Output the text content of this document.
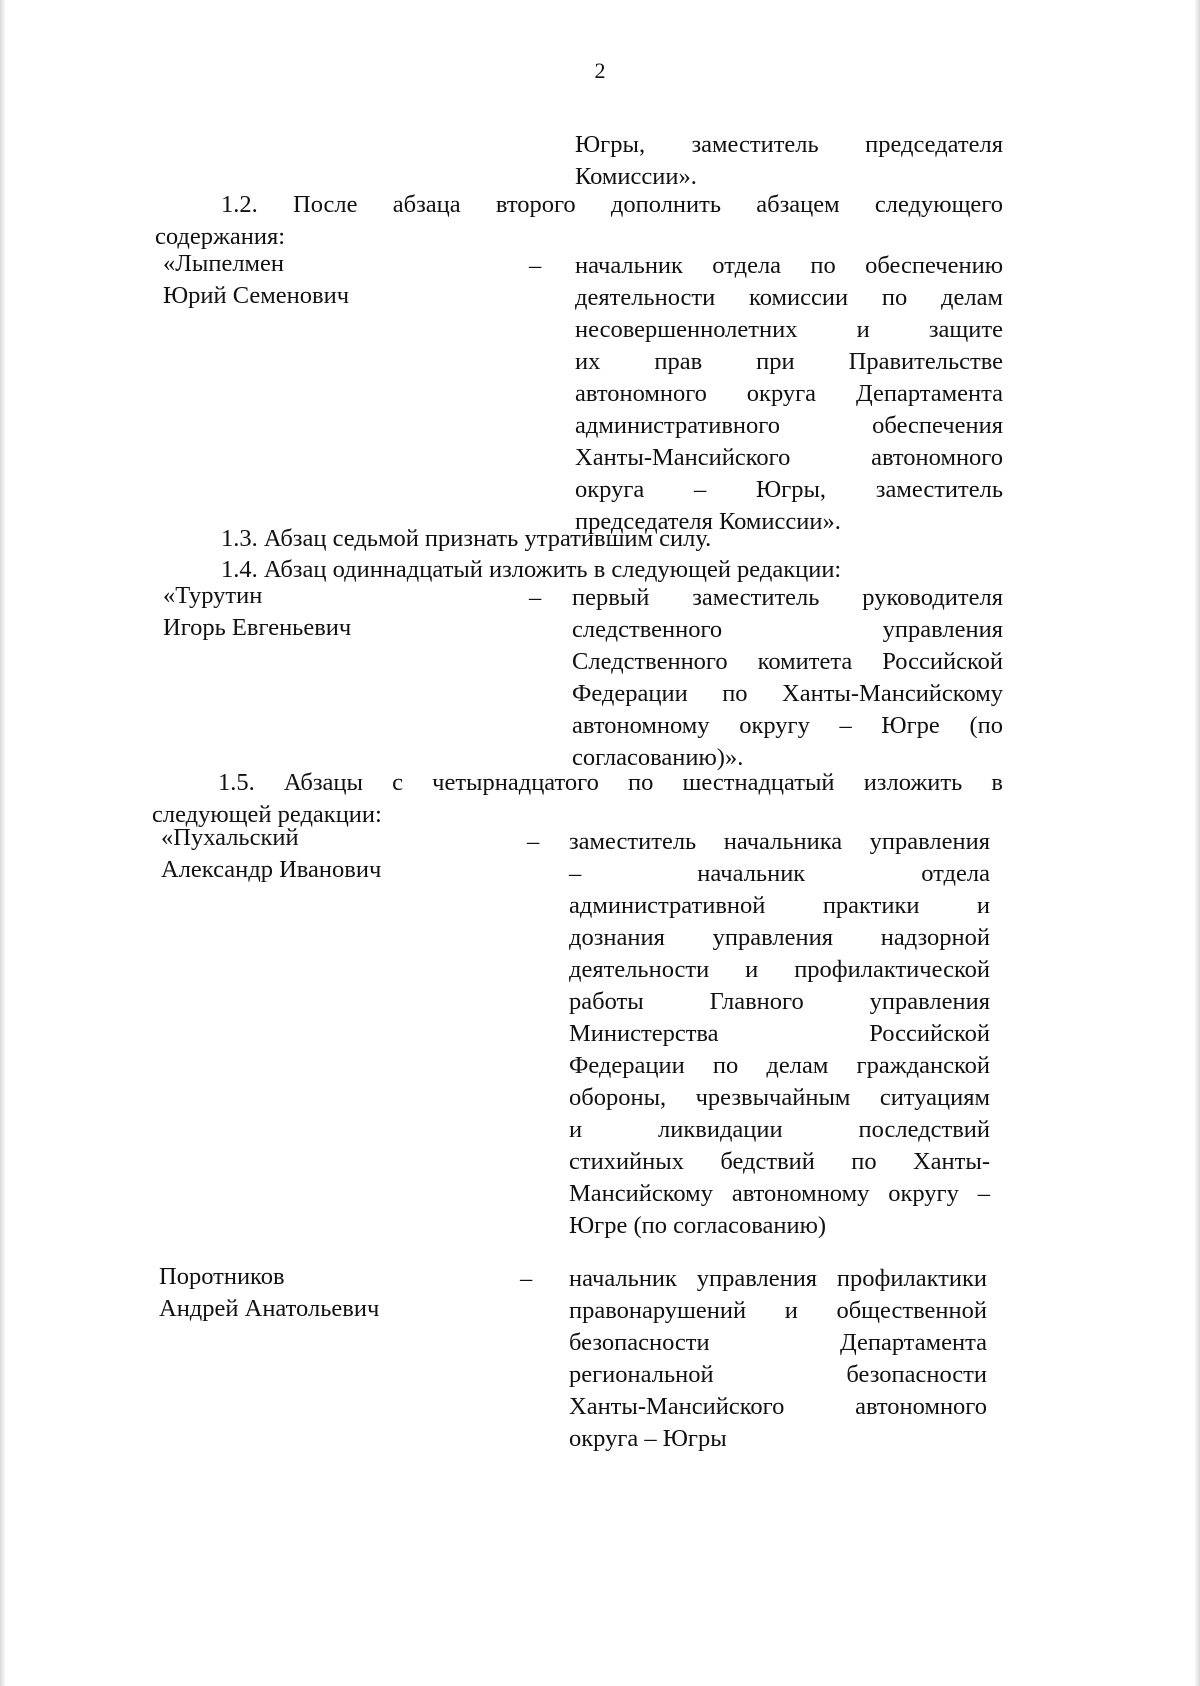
2
Югры, заместитель председателя
Комиссии».

1.2. После абзаца второго дополнить абзацем следующего

содержания:

«Лыпелмен
Юрий Семенович
– начальник отдела по обеспечению
деятельности комиссии по делам
несовершеннолетних и защите
их прав при Правительстве
автономного округа Департамента
административного обеспечения
Ханты-Мансийского автономного
округа – Югры, заместитель
председателя Комиссии».

1.3. Абзац седьмой признать утратившим силу.

1.4. Абзац одиннадцатый изложить в следующей редакции:

«Турутин
Игорь Евгеньевич
– первый заместитель руководителя
следственного управления
Следственного комитета Российской
Федерации по Ханты-Мансийскому
автономному округу – Югре (по
согласованию)».

1.5. Абзацы с четырнадцатого по шестнадцатый изложить в

следующей редакции:

«Пухальский
Александр Иванович
– заместитель начальника управления
– начальник отдела
административной практики и
дознания управления надзорной
деятельности и профилактической
работы Главного управления
Министерства Российской
Федерации по делам гражданской
обороны, чрезвычайным ситуациям
и ликвидации последствий
стихийных бедствий по Ханты-
Мансийскому автономному округу –
Югре (по согласованию)
Поротников
Андрей Анатольевич
– начальник управления профилактики
правонарушений и общественной
безопасности Департамента
региональной безопасности
Ханты-Мансийского автономного
округа – Югры
